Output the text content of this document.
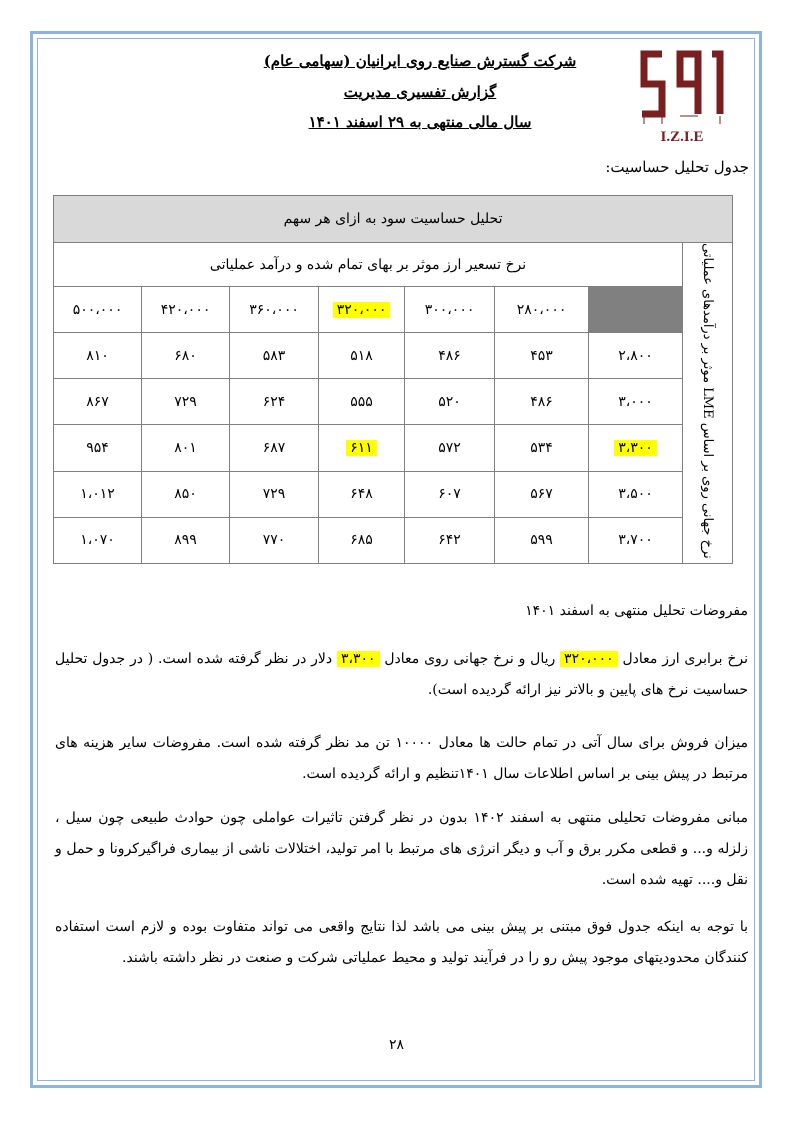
I.Z.I.E
شرکت گسترش صنایع روی ایرانیان (سهامی عام)
گزارش تفسیری مدیریت
سال مالی منتهی به ۲۹ اسفند ۱۴۰۱
جدول تحلیل حساسیت:
تحلیل حساسیت سود به ازای هر سهم							
نرخ جهانی روی بر اساس LME موثر بر درآمدهای عملیاتی	نرخ تسعیر ارز موثر بر بهای تمام شده و درآمد عملیاتی						
		۲۸۰،۰۰۰	۳۰۰،۰۰۰	۳۲۰،۰۰۰	۳۶۰،۰۰۰	۴۲۰،۰۰۰	۵۰۰،۰۰۰
	۲،۸۰۰	۴۵۳	۴۸۶	۵۱۸	۵۸۳	۶۸۰	۸۱۰
	۳،۰۰۰	۴۸۶	۵۲۰	۵۵۵	۶۲۴	۷۲۹	۸۶۷
	۳،۳۰۰	۵۳۴	۵۷۲	۶۱۱	۶۸۷	۸۰۱	۹۵۴
	۳،۵۰۰	۵۶۷	۶۰۷	۶۴۸	۷۲۹	۸۵۰	۱،۰۱۲
	۳،۷۰۰	۵۹۹	۶۴۲	۶۸۵	۷۷۰	۸۹۹	۱،۰۷۰
مفروضات تحلیل منتهی به اسفند ۱۴۰۱
نرخ برابری ارز معادل ۳۲۰،۰۰۰ ریال و نرخ جهانی روی معادل ۳،۳۰۰ دلار در نظر گرفته شده است. ( در جدول تحلیل حساسیت نرخ های پایین و بالاتر نیز ارائه گردیده است).
میزان فروش برای سال آتی در تمام حالت ها معادل ۱۰۰۰۰ تن مد نظر گرفته شده است. مفروضات سایر هزینه های مرتبط در پیش بینی بر اساس اطلاعات سال ۱۴۰۱تنظیم و ارائه گردیده است.
مبانی مفروضات تحلیلی منتهی به اسفند ۱۴۰۲ بدون در نظر گرفتن تاثیرات عواملی چون حوادث طبیعی چون سیل ، زلزله و... و قطعی مکرر برق و آب و دیگر انرژی های مرتبط با امر تولید، اختلالات ناشی از بیماری فراگیرکرونا و حمل و نقل و.... تهیه شده است.
با توجه به اینکه جدول فوق مبتنی بر پیش بینی می باشد لذا نتایج واقعی می تواند متفاوت بوده و لازم است استفاده کنندگان محدودیتهای موجود پیش رو را در فرآیند تولید و محیط عملیاتی شرکت و صنعت در نظر داشته باشند.
۲۸
